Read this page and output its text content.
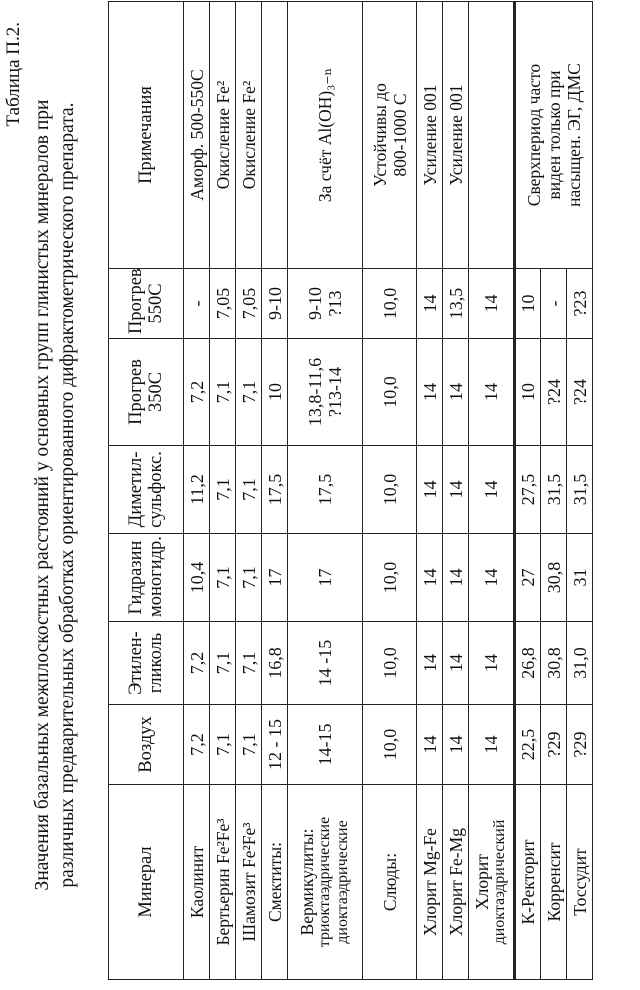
Таблица П.2.
Значения базальных межплоскостных расстояний у основных групп глинистых минералов при различных предварительных обработках ориентированного дифрактометрического препарата.	Минерал	Воздух	Этилен- гликоль	Гидразин моногидр.	Диметил- сульфокс.	Прогрев 350С	Прогрев 550С	Примечания

Каолинит	7,2	7,2	10,4	11,2	7,2	-	Аморф. 500-550С
Бертьерин Fe²Fe³	7,1	7,1	7,1	7,1	7,1	7,05	Окисление Fe²
Шамозит Fe²Fe³	7,1	7,1	7,1	7,1	7,1	7,05	Окисление Fe²
Смектиты:	12 - 15	16,8	17	17,5	10	9-10	

Вермикулиты: триоктаэдрические диоктаэдрические	14-15	14 -15	17	17,5	13,8-11,6 ?13-14	9-10 ?13	За счёт Al(OH)₃₋ₙ
Слюды:	10,0	10,0	10,0	10,0	10,0	10,0	Устойчивы до 800-1000 С

Хлорит Mg-Fe	14	14	14	14	14	14	Усиление 001
Хлорит Fe-Mg	14	14	14	14	14	13,5	Усиление 001

Хлорит диоктаэдрический	14	14	14	14	14	14	
К-Ректорит	22,5	26,8	27	27,5	10	10	Сверхпериод часто виден только при насыщен. ЭГ, ДМС

Корренсит	?29	30,8	30,8	31,5	?24	-	
Тоссудит	?29	31,0	31	31,5	?24	?23	
